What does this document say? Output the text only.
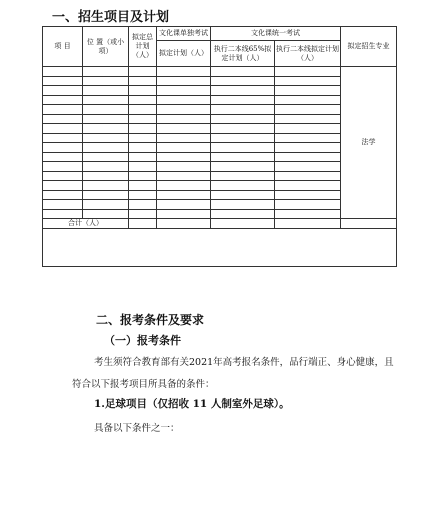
一、招生项目及计划
项 目	位 置（或小项）	拟定总计划（人）	文化课单独考试	文化课统一考试		拟定招生专业
			拟定计划（人）	执行二本线65%拟定计划（人）	执行二本线拟定计划（人）	
						法学

合计（人）						

二、报考条件及要求
（一）报考条件
考生须符合教育部有关2021年高考报名条件，品行端正、身心健康，且符合以下报考项目所具备的条件：
1.足球项目（仅招收 11 人制室外足球）。
具备以下条件之一：
